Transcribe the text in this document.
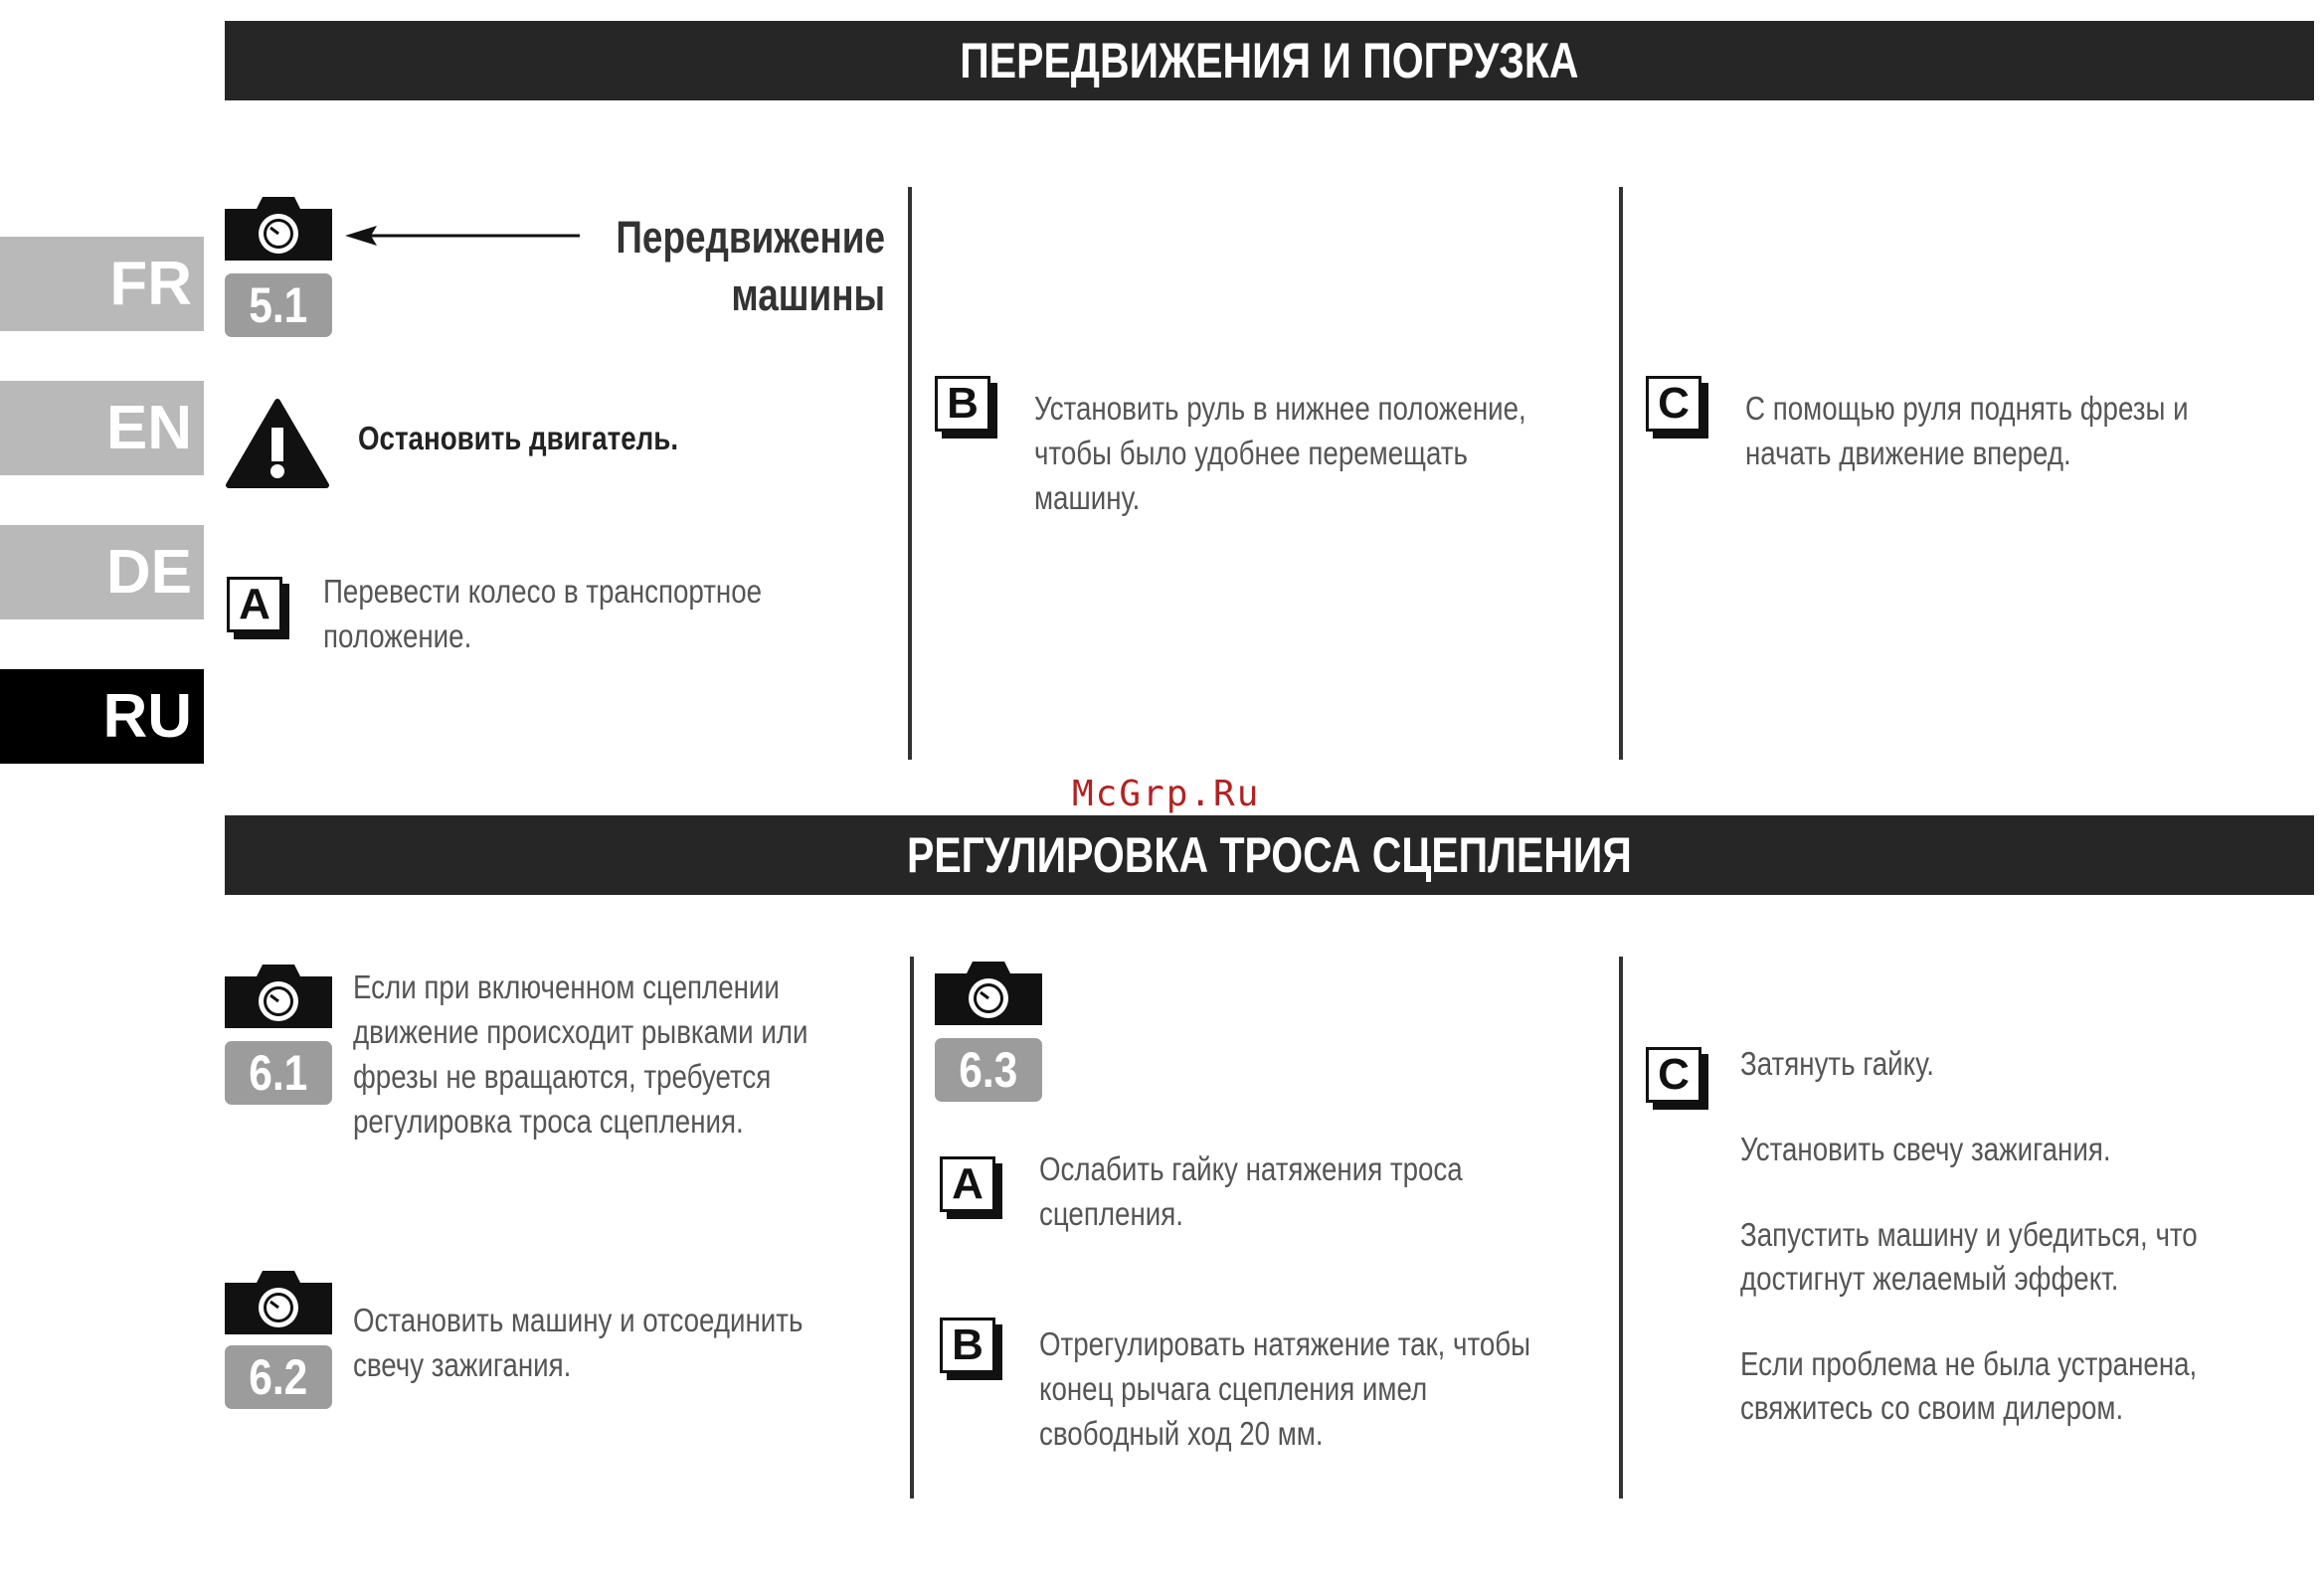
ПЕРЕДВИЖЕНИЯ И ПОГРУЗКА
FR
EN
DE
RU
5.1
Передвижение
машины
Остановить двигатель.
A	Перевести колесо в транспортное
положение.
B	Установить руль в нижнее положение,
чтобы было удобнее перемещать
машину.
C	С помощью руля поднять фрезы и
начать движение вперед.
McGrp.Ru
РЕГУЛИРОВКА ТРОСА СЦЕПЛЕНИЯ
6.1
Если при включенном сцеплении
движение происходит рывками или
фрезы не вращаются, требуется
регулировка троса сцепления.
6.2
Остановить машину и отсоединить
свечу зажигания.
6.3
A	Ослабить гайку натяжения троса
сцепления.
B	Отрегулировать натяжение так, чтобы
конец рычага сцепления имел
свободный ход 20 мм.
C	Затянуть гайку.
Установить свечу зажигания.
Запустить машину и убедиться, что
достигнут желаемый эффект.
Если проблема не была устранена,
свяжитесь со своим дилером.
